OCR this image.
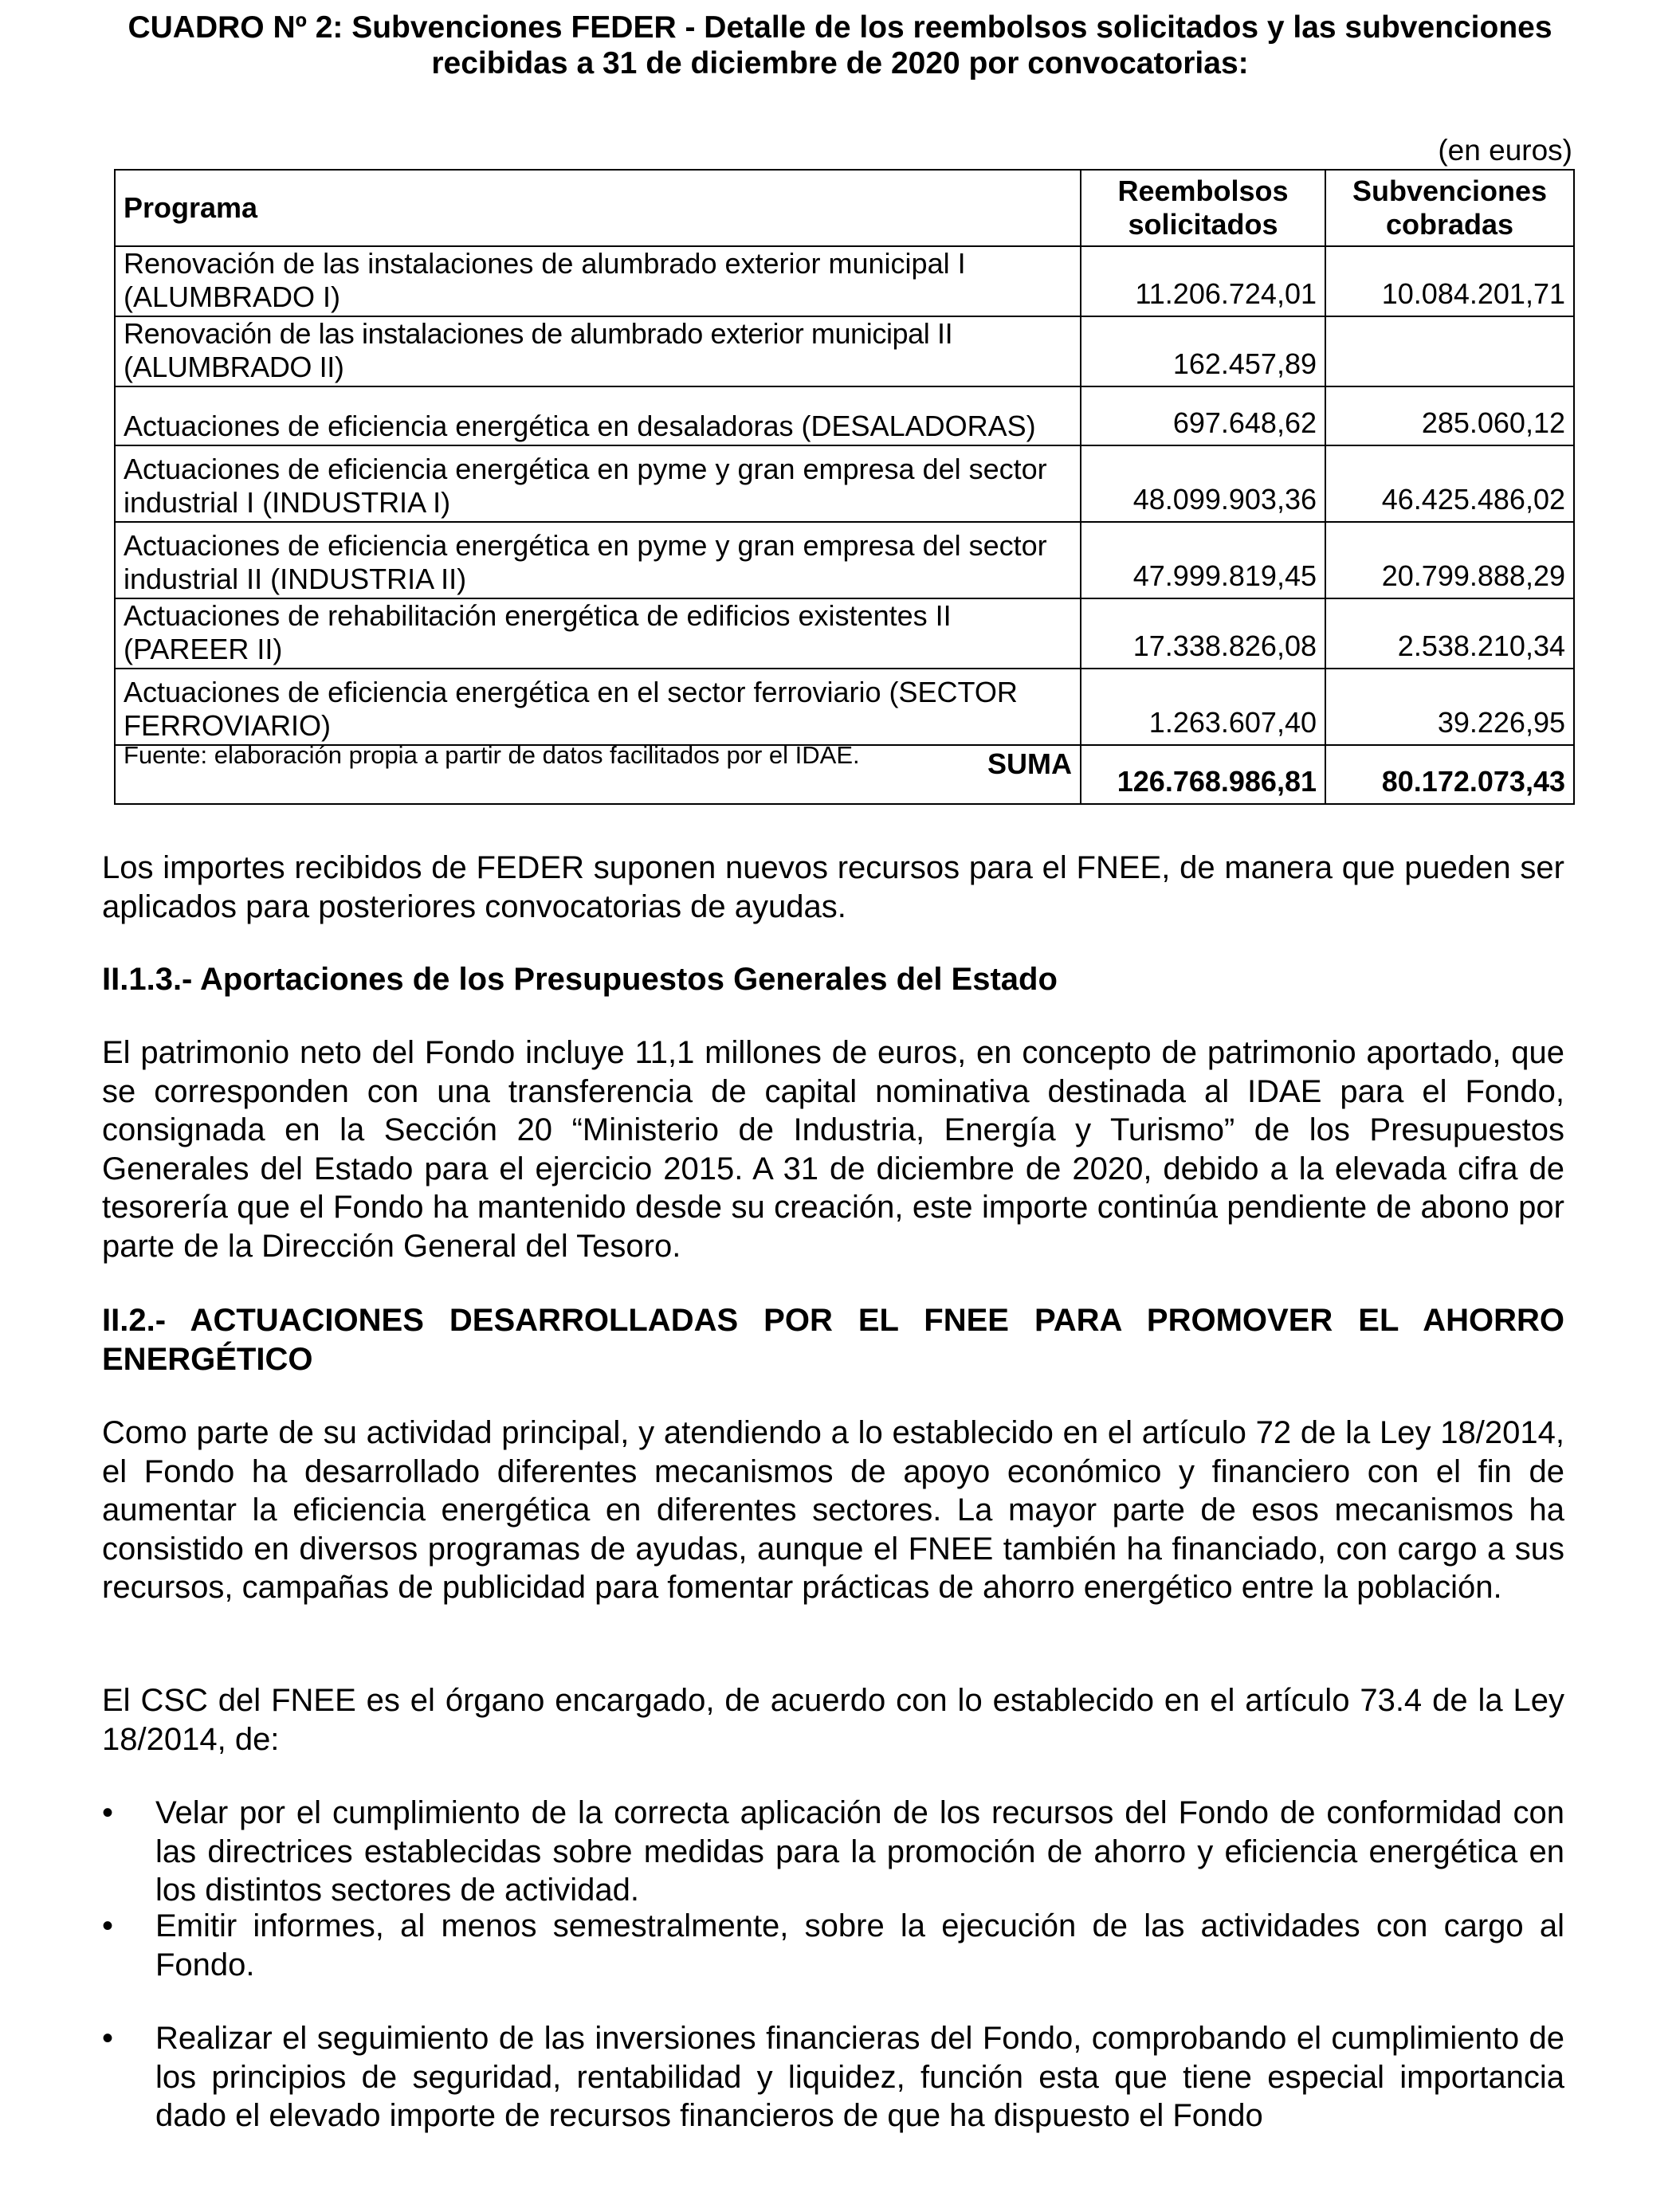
CUADRO Nº 2: Subvenciones FEDER - Detalle de los reembolsos solicitados y las subvenciones recibidas a 31 de diciembre de 2020 por convocatorias:
(en euros)
Programa	Reembolsos solicitados	Subvenciones cobradas
Renovación de las instalaciones de alumbrado exterior municipal I (ALUMBRADO I)	11.206.724,01	10.084.201,71
Renovación de las instalaciones de alumbrado exterior municipal II (ALUMBRADO II)	162.457,89	
Actuaciones de eficiencia energética en desaladoras (DESALADORAS)	697.648,62	285.060,12
Actuaciones de eficiencia energética en pyme y gran empresa del sector industrial I (INDUSTRIA I)	48.099.903,36	46.425.486,02
Actuaciones de eficiencia energética en pyme y gran empresa del sector industrial II (INDUSTRIA II)	47.999.819,45	20.799.888,29
Actuaciones de rehabilitación energética de edificios existentes II (PAREER II)	17.338.826,08	2.538.210,34
Actuaciones de eficiencia energética en el sector ferroviario (SECTOR FERROVIARIO)	1.263.607,40	39.226,95
SUMA	126.768.986,81	80.172.073,43
Fuente: elaboración propia a partir de datos facilitados por el IDAE.

Los importes recibidos de FEDER suponen nuevos recursos para el FNEE, de manera que pueden ser aplicados para posteriores convocatorias de ayudas.

II.1.3.- Aportaciones de los Presupuestos Generales del Estado

El patrimonio neto del Fondo incluye 11,1 millones de euros, en concepto de patrimonio aportado, que se corresponden con una transferencia de capital nominativa destinada al IDAE para el Fondo, consignada en la Sección 20 “Ministerio de Industria, Energía y Turismo” de los Presupuestos Generales del Estado para el ejercicio 2015. A 31 de diciembre de 2020, debido a la elevada cifra de tesorería que el Fondo ha mantenido desde su creación, este importe continúa pendiente de abono por parte de la Dirección General del Tesoro.

II.2.- ACTUACIONES DESARROLLADAS POR EL FNEE PARA PROMOVER EL AHORRO ENERGÉTICO

Como parte de su actividad principal, y atendiendo a lo establecido en el artículo 72 de la Ley 18/2014, el Fondo ha desarrollado diferentes mecanismos de apoyo económico y financiero con el fin de aumentar la eficiencia energética en diferentes sectores. La mayor parte de esos mecanismos ha consistido en diversos programas de ayudas, aunque el FNEE también ha financiado, con cargo a sus recursos, campañas de publicidad para fomentar prácticas de ahorro energético entre la población.

El CSC del FNEE es el órgano encargado, de acuerdo con lo establecido en el artículo 73.4 de la Ley 18/2014, de:

• Velar por el cumplimiento de la correcta aplicación de los recursos del Fondo de conformidad con las directrices establecidas sobre medidas para la promoción de ahorro y eficiencia energética en los distintos sectores de actividad.

• Emitir informes, al menos semestralmente, sobre la ejecución de las actividades con cargo al Fondo.

• Realizar el seguimiento de las inversiones financieras del Fondo, comprobando el cumplimiento de los principios de seguridad, rentabilidad y liquidez, función esta que tiene especial importancia dado el elevado importe de recursos financieros de que ha dispuesto el Fondo
